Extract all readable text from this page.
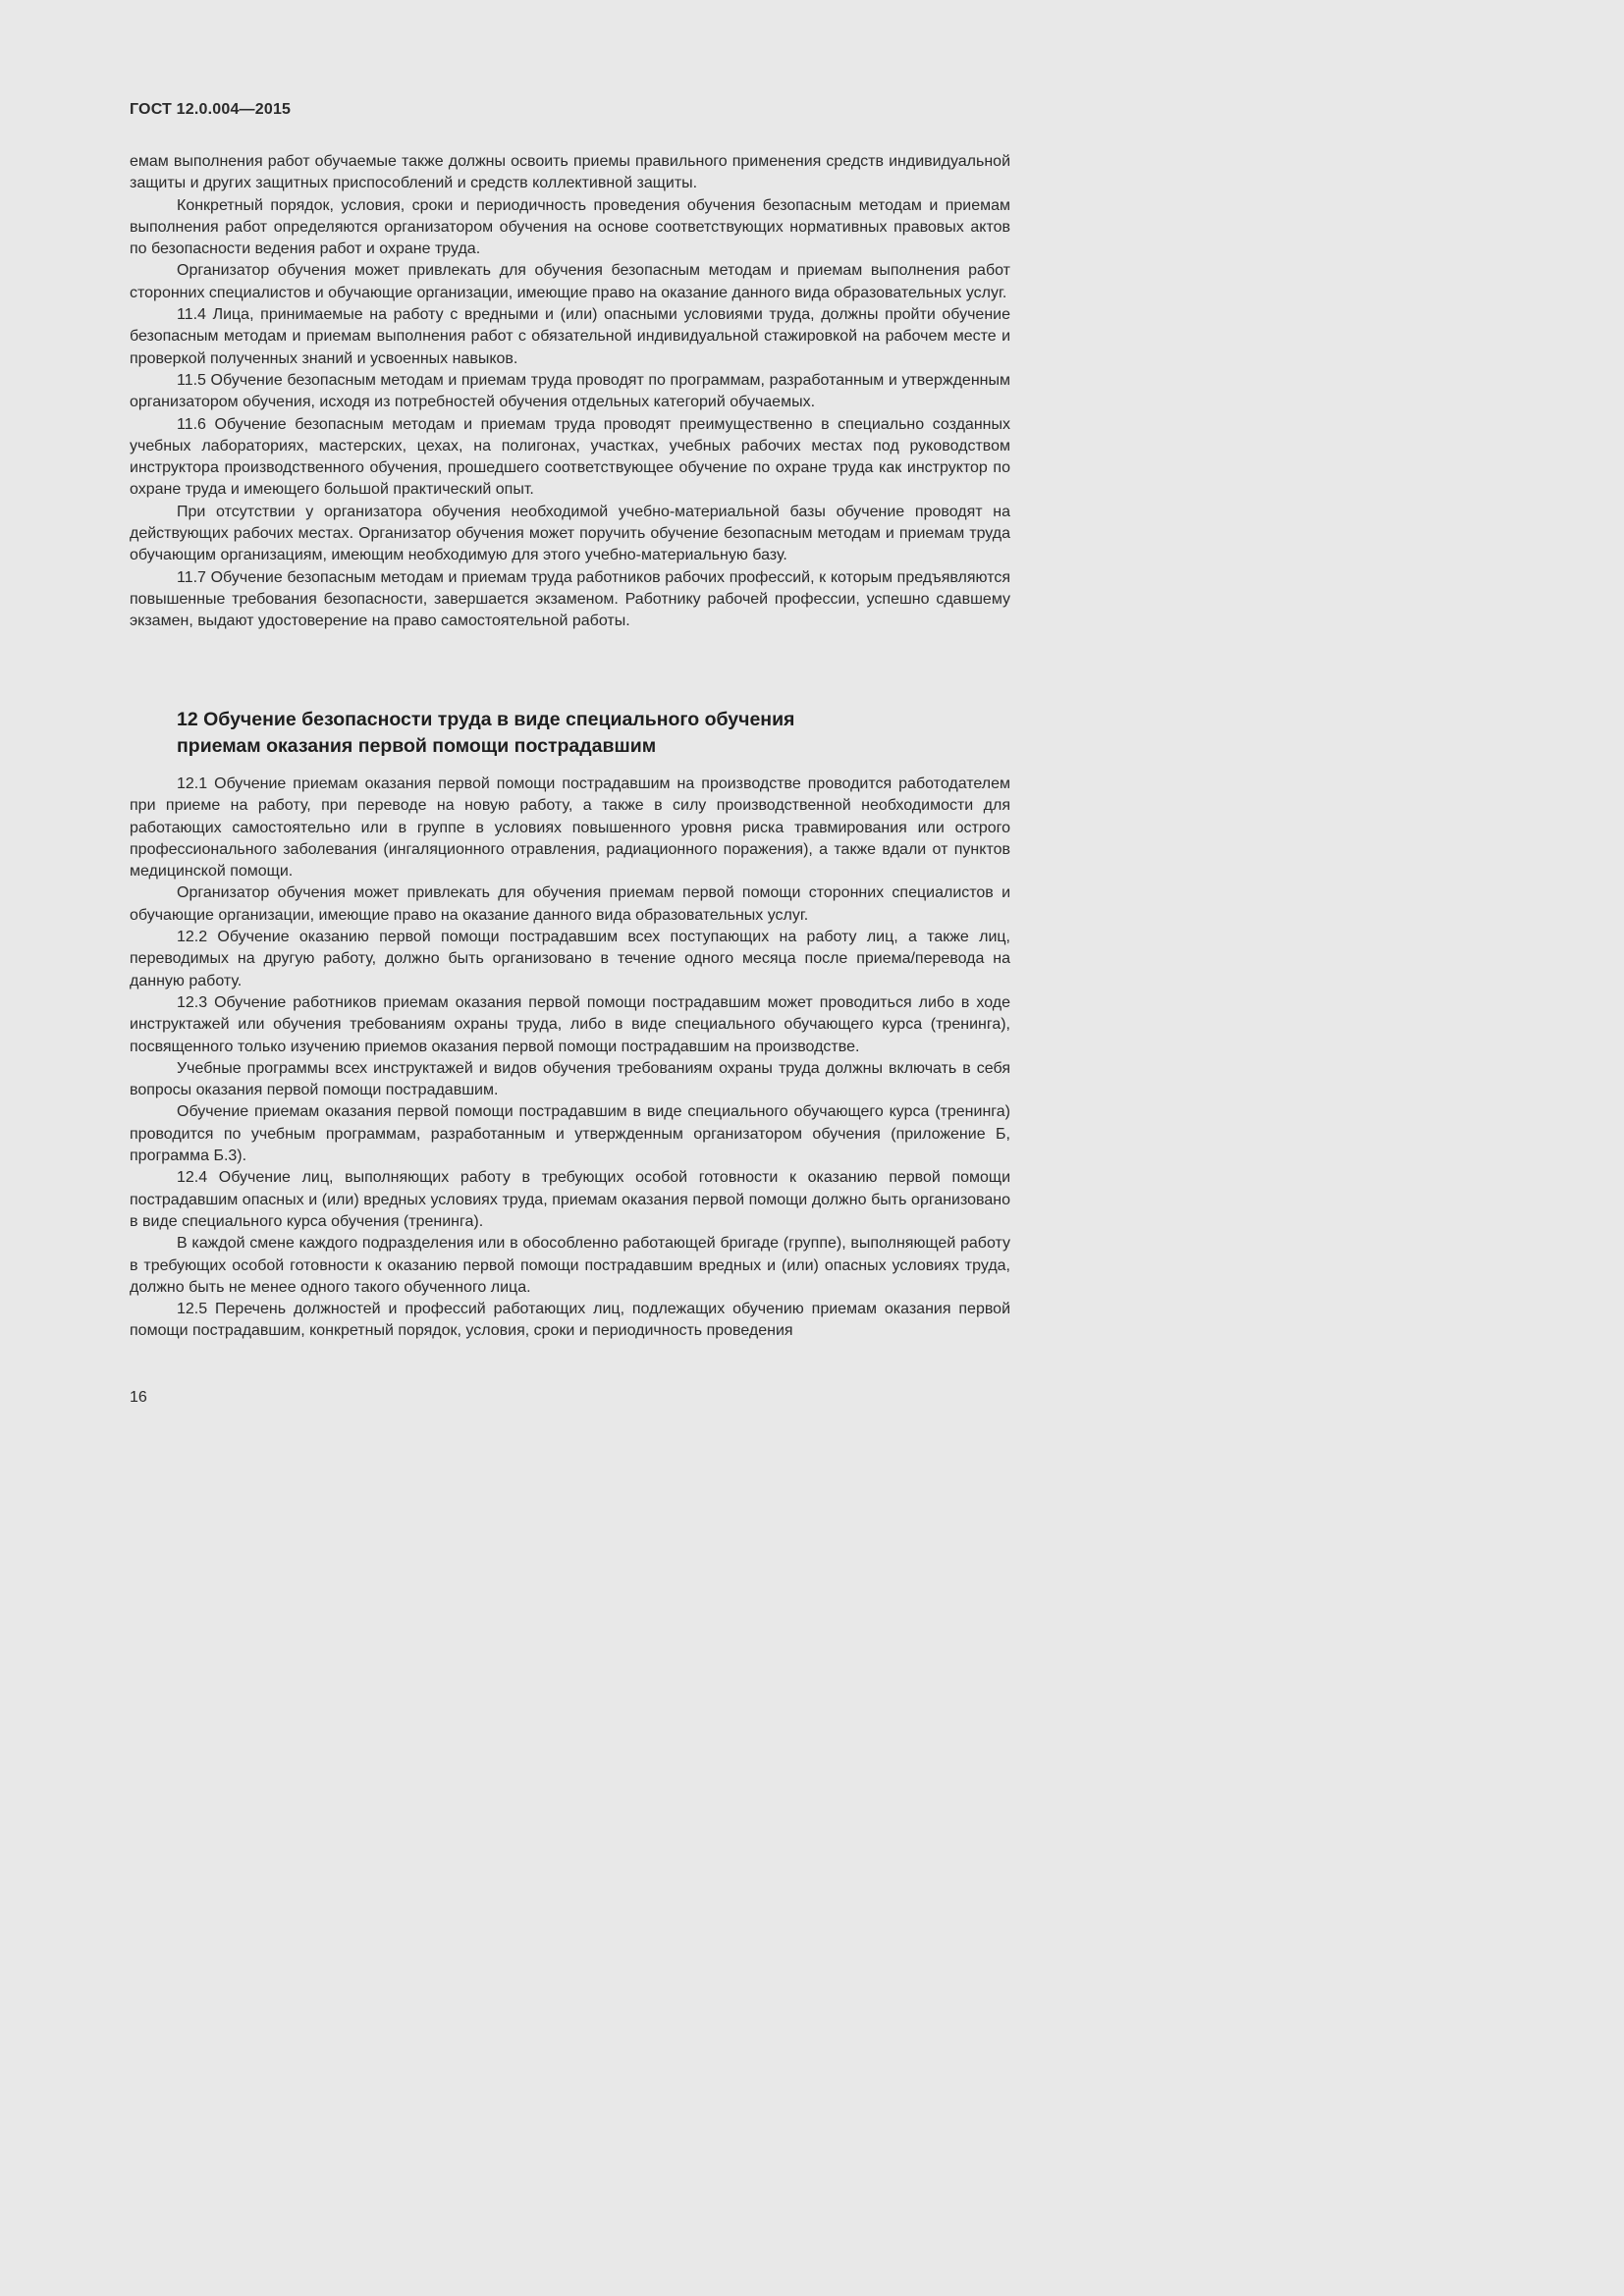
ГОСТ 12.0.004—2015

емам выполнения работ обучаемые также должны освоить приемы правильного применения средств индивидуальной защиты и других защитных приспособлений и средств коллективной защиты.

Конкретный порядок, условия, сроки и периодичность проведения обучения безопасным методам и приемам выполнения работ определяются организатором обучения на основе соответствующих нормативных правовых актов по безопасности ведения работ и охране труда.

Организатор обучения может привлекать для обучения безопасным методам и приемам выполнения работ сторонних специалистов и обучающие организации, имеющие право на оказание данного вида образовательных услуг.

11.4 Лица, принимаемые на работу с вредными и (или) опасными условиями труда, должны пройти обучение безопасным методам и приемам выполнения работ с обязательной индивидуальной стажировкой на рабочем месте и проверкой полученных знаний и усвоенных навыков.

11.5 Обучение безопасным методам и приемам труда проводят по программам, разработанным и утвержденным организатором обучения, исходя из потребностей обучения отдельных категорий обучаемых.

11.6 Обучение безопасным методам и приемам труда проводят преимущественно в специально созданных учебных лабораториях, мастерских, цехах, на полигонах, участках, учебных рабочих местах под руководством инструктора производственного обучения, прошедшего соответствующее обучение по охране труда как инструктор по охране труда и имеющего большой практический опыт.

При отсутствии у организатора обучения необходимой учебно-материальной базы обучение проводят на действующих рабочих местах. Организатор обучения может поручить обучение безопасным методам и приемам труда обучающим организациям, имеющим необходимую для этого учебно-материальную базу.

11.7 Обучение безопасным методам и приемам труда работников рабочих профессий, к которым предъявляются повышенные требования безопасности, завершается экзаменом. Работнику рабочей профессии, успешно сдавшему экзамен, выдают удостоверение на право самостоятельной работы.

12 Обучение безопасности труда в виде специального обучения
приемам оказания первой помощи пострадавшим

12.1 Обучение приемам оказания первой помощи пострадавшим на производстве проводится работодателем при приеме на работу, при переводе на новую работу, а также в силу производственной необходимости для работающих самостоятельно или в группе в условиях повышенного уровня риска травмирования или острого профессионального заболевания (ингаляционного отравления, радиационного поражения), а также вдали от пунктов медицинской помощи.

Организатор обучения может привлекать для обучения приемам первой помощи сторонних специалистов и обучающие организации, имеющие право на оказание данного вида образовательных услуг.

12.2 Обучение оказанию первой помощи пострадавшим всех поступающих на работу лиц, а также лиц, переводимых на другую работу, должно быть организовано в течение одного месяца после приема/перевода на данную работу.

12.3 Обучение работников приемам оказания первой помощи пострадавшим может проводиться либо в ходе инструктажей или обучения требованиям охраны труда, либо в виде специального обучающего курса (тренинга), посвященного только изучению приемов оказания первой помощи пострадавшим на производстве.

Учебные программы всех инструктажей и видов обучения требованиям охраны труда должны включать в себя вопросы оказания первой помощи пострадавшим.

Обучение приемам оказания первой помощи пострадавшим в виде специального обучающего курса (тренинга) проводится по учебным программам, разработанным и утвержденным организатором обучения (приложение Б, программа Б.3).

12.4 Обучение лиц, выполняющих работу в требующих особой готовности к оказанию первой помощи пострадавшим опасных и (или) вредных условиях труда, приемам оказания первой помощи должно быть организовано в виде специального курса обучения (тренинга).

В каждой смене каждого подразделения или в обособленно работающей бригаде (группе), выполняющей работу в требующих особой готовности к оказанию первой помощи пострадавшим вредных и (или) опасных условиях труда, должно быть не менее одного такого обученного лица.

12.5 Перечень должностей и профессий работающих лиц, подлежащих обучению приемам оказания первой помощи пострадавшим, конкретный порядок, условия, сроки и периодичность проведения

16
